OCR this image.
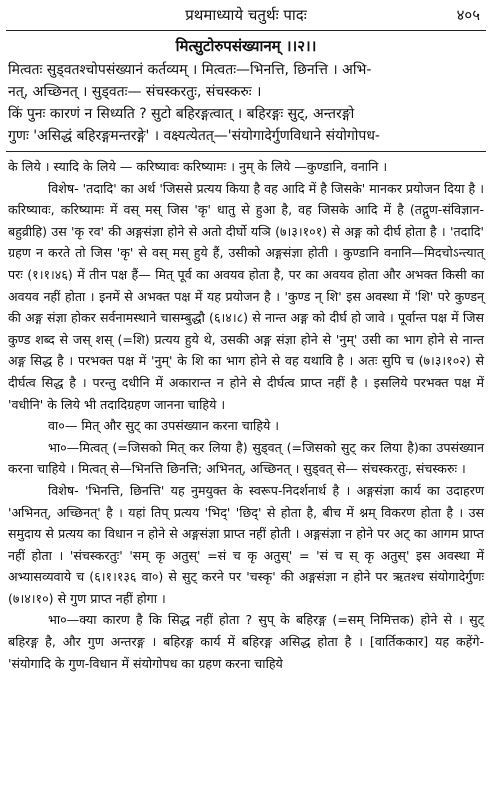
प्रथमाध्याये चतुर्थः पादः	४०५
मित्सुटोरुपसंख्यानम् ।।२।।

मित्वतः सुड्वतश्चोपसंख्यानं कर्तव्यम् । मित्वतः—भिनत्ति, छिनत्ति । अभि-

नत्, अच्छिनत् । सुड्वतः— संचस्करतुः, संचस्करुः ।

किं पुनः कारणं न सिध्यति ? सुटो बहिरङ्गत्वात् । बहिरङ्गः सुट्, अन्तरङ्गो

गुणः 'असिद्धं बहिरङ्गमन्तरङ्गे' । वक्ष्यत्येतत्—'संयोगादेर्गुणविधाने संयोगोपध-

के लिये । स्यादि के लिये — करिष्यावः करिष्यामः । नुम् के लिये —कुण्डानि, वनानि ।

विशेष- 'तदादि' का अर्थ 'जिससे प्रत्यय किया है वह आदि में है जिसके' मानकर प्रयोजन दिया है । करिष्यावः, करिष्यामः में वस् मस् जिस 'कृ' धातु से हुआ है, वह जिसके आदि में है (तद्गुण-संविज्ञान-बहुव्रीहि) उस 'कृ रव' की अङ्गसंज्ञा होने से अतो दीर्घो यञि (७।३।१०१) से अङ्ग को दीर्घ होता है । 'तदादि' ग्रहण न करते तो जिस 'कृ' से वस् मस् हुये हैं, उसीको अङ्गसंज्ञा होती । कुण्डानि वनानि—मिदचोऽन्त्यात् परः (१।१।४६) में तीन पक्ष हैं— मित् पूर्व का अवयव होता है, पर का अवयव होता और अभक्त किसी का अवयव नहीं होता । इनमें से अभक्त पक्ष में यह प्रयोजन है । 'कुण्ड न् शि' इस अवस्था में 'शि' परे कुण्डन् की अङ्ग संज्ञा होकर सर्वनामस्थाने चासम्बुद्धौ (६।४।८) से नान्त अङ्ग को दीर्घ हो जावे । पूर्वान्त पक्ष में जिस कुण्ड शब्द से जस् शस् (=शि) प्रत्यय हुये थे, उसकी अङ्ग संज्ञा होने से 'नुम्' उसी का भाग होने से नान्त अङ्ग सिद्ध है । परभक्त पक्ष में 'नुम्' के शि का भाग होने से वह यथावि है । अतः सुपि च (७।३।१०२) से दीर्घत्व सिद्ध है । परन्तु दधीनि में अकारान्त न होने से दीर्घत्व प्राप्त नहीं है । इसलिये परभक्त पक्ष में 'वधीनि' के लिये भी तदादिग्रहण जानना चाहिये ।

वा०— मित् और सुट् का उपसंख्यान करना चाहिये ।

भा०—मित्वत् (=जिसको मित् कर लिया है) सुड्वत् (=जिसको सुट् कर लिया है)का उपसंख्यान करना चाहिये । मित्वत् से—भिनत्ति छिनत्ति; अभिनत्, अच्छिनत् । सुड्वत् से— संचस्करतुः, संचस्करुः ।

विशेष- 'भिनत्ति, छिनत्ति' यह नुमयुक्त के स्वरूप-निदर्शनार्थ है । अङ्गसंज्ञा कार्य का उदाहरण 'अभिनत्, अच्छिनत्' है । यहां तिप् प्रत्यय 'भिद्' 'छिद्' से होता है, बीच में श्नम् विकरण होता है । उस समुदाय से प्रत्यय का विधान न होने से अङ्गसंज्ञा प्राप्त नहीं होती । अङ्गसंज्ञा न होने पर अट् का आगम प्राप्त नहीं होता । 'संचस्करतुः' 'सम् कृ अतुस्' =सं च कृ अतुस्' = 'सं च स् कृ अतुस्' इस अवस्था में अभ्यासव्यवाये च (६।१।१३६ वा०) से सुट् करने पर 'चस्कृ' की अङ्गसंज्ञा न होने पर ऋतश्च संयोगादेर्गुणः (७।४।१०) से गुण प्राप्त नहीं होगा ।

भा०—क्या कारण है कि सिद्ध नहीं होता ? सुप् के बहिरङ्ग (=सम् निमित्तक) होने से । सुट् बहिरङ्ग है, और गुण अन्तरङ्ग । बहिरङ्ग कार्य में बहिरङ्ग असिद्ध होता है । [वार्तिककार] यह कहेंगे- 'संयोगादि के गुण-विधान में संयोगोपध का ग्रहण करना चाहिये
